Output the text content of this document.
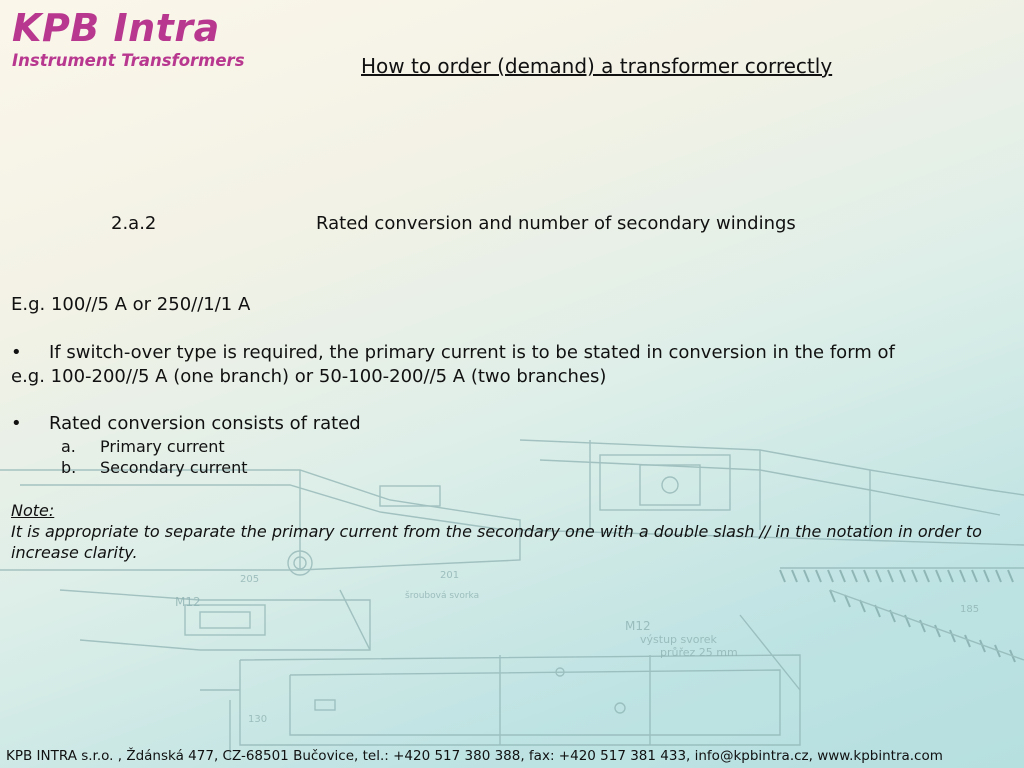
M12
M12
výstup svorek
průřez 25 mm
šroubová svorka
205	201
185
130
KPB Intra
Instrument Transformers	How to order (demand) a transformer correctly
2.a.2	Rated conversion and number of secondary windings
E.g. 100//5 A or 250//1/1 A
• If switch-over type is required, the primary current is to be stated in conversion in the form of
e.g. 100-200//5 A (one branch) or 50-100-200//5 A (two branches)
• Rated conversion consists of rated
a. Primary current
b. Secondary current
Note:
It is appropriate to separate the primary current from the secondary one with a double slash // in the notation in order to increase clarity.
KPB INTRA s.r.o. , Ždánská 477, CZ-68501 Bučovice, tel.: +420 517 380 388, fax: +420 517 381 433, info@kpbintra.cz, www.kpbintra.com
